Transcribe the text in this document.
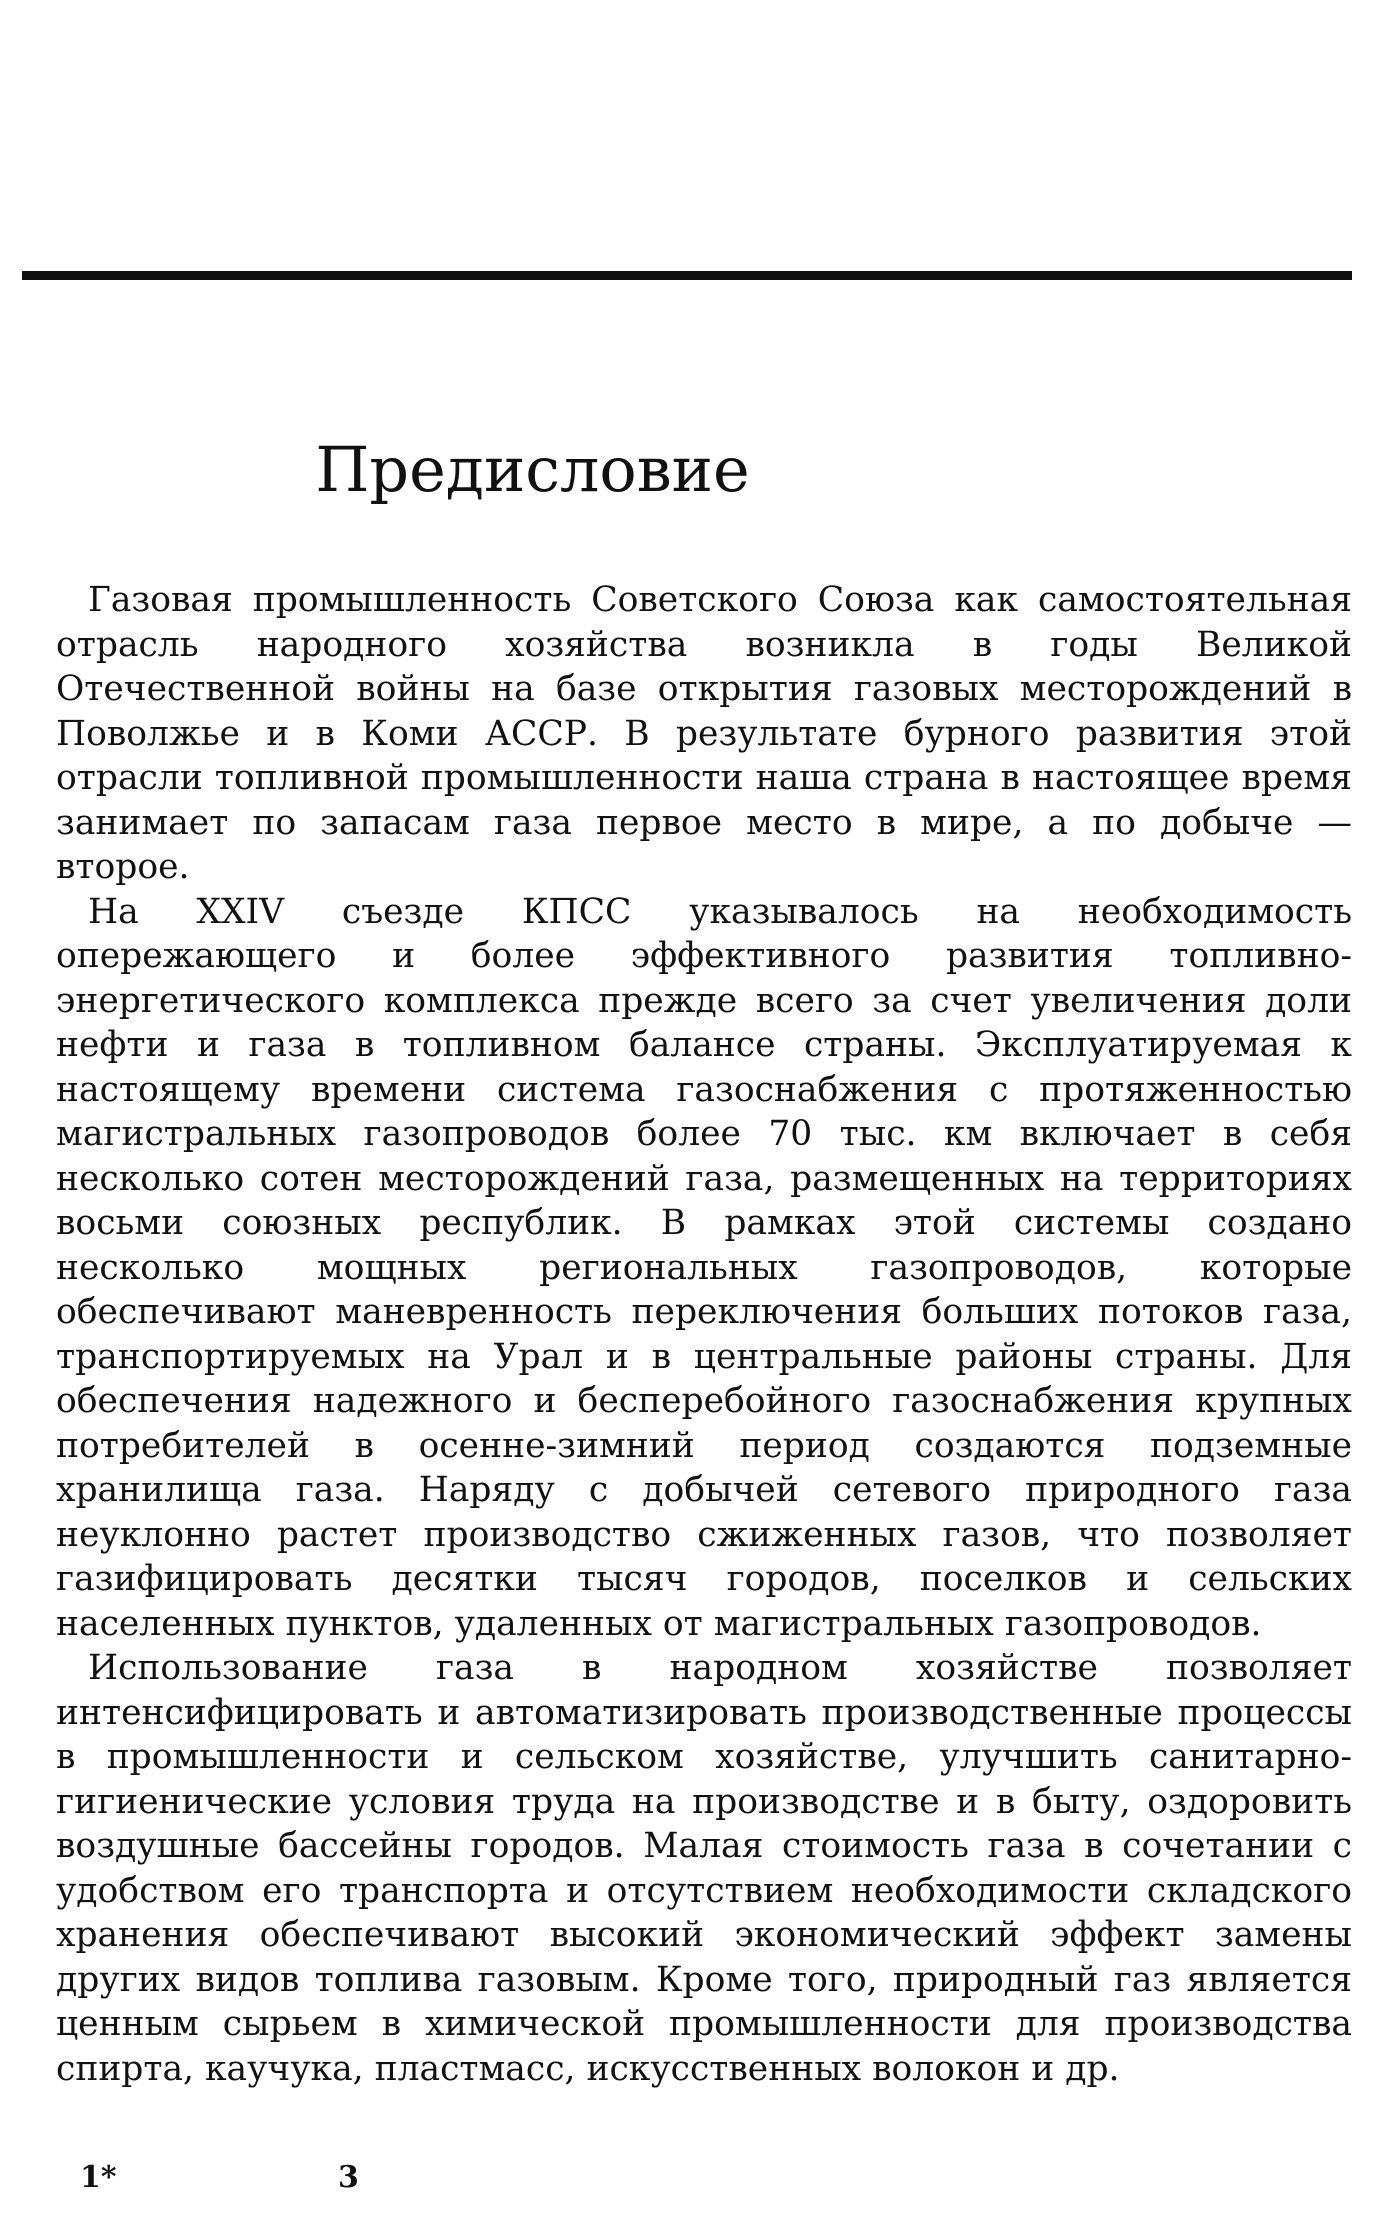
Предисловие

Газовая промышленность Советского Союза как самостоятельная отрасль народного хозяйства возникла в годы Великой Отечественной войны на базе открытия газовых месторождений в Поволжье и в Коми АССР. В результате бурного развития этой отрасли топливной промышленности наша страна в настоящее время занимает по запасам газа первое место в мире, а по добыче — второе.

На XXIV съезде КПСС указывалось на необходимость опережающего и более эффективного развития топливно-энергетического комплекса прежде всего за счет увеличения доли нефти и газа в топливном балансе страны. Эксплуатируемая к настоящему времени система газоснабжения с протяженностью магистральных газопроводов более 70 тыс. км включает в себя несколько сотен месторождений газа, размещенных на территориях восьми союзных республик. В рамках этой системы создано несколько мощных региональных газопроводов, которые обеспечивают маневренность переключения больших потоков газа, транспортируемых на Урал и в центральные районы страны. Для обеспечения надежного и бесперебойного газоснабжения крупных потребителей в осенне-зимний период создаются подземные хранилища газа. Наряду с добычей сетевого природного газа неуклонно растет производство сжиженных газов, что позволяет газифицировать десятки тысяч городов, поселков и сельских населенных пунктов, удаленных от магистральных газопроводов.

Использование газа в народном хозяйстве позволяет интенсифицировать и автоматизировать производственные процессы в промышленности и сельском хозяйстве, улучшить санитарно-гигиенические условия труда на производстве и в быту, оздоровить воздушные бассейны городов. Малая стоимость газа в сочетании с удобством его транспорта и отсутствием необходимости складского хранения обеспечивают высокий экономический эффект замены других видов топлива газовым. Кроме того, природный газ является ценным сырьем в химической промышленности для производства спирта, каучука, пластмасс, искусственных волокон и др.

1*	3
